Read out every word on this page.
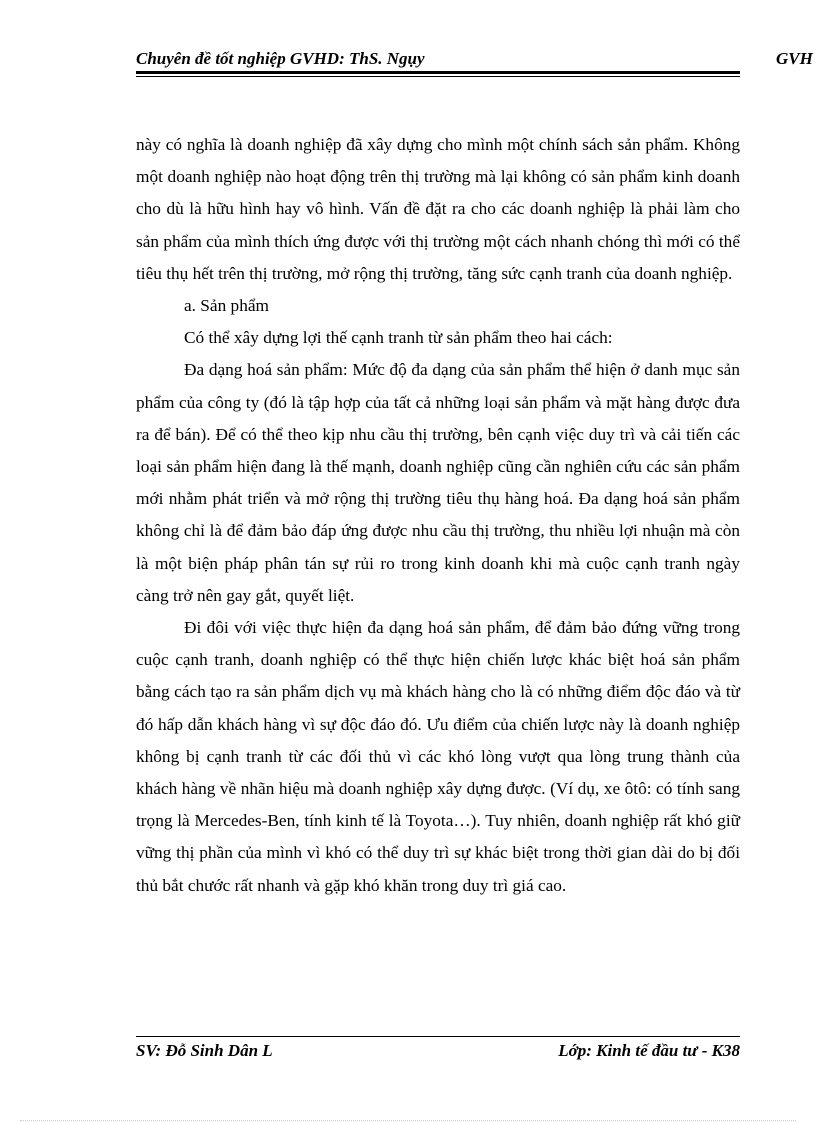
Chuyên đề tốt nghiệp GVHD: ThS. Ngụy	GVH

này có nghĩa là doanh nghiệp đã xây dựng cho mình một chính sách sản phẩm. Không một doanh nghiệp nào hoạt động trên thị trường mà lại không có sản phẩm kinh doanh cho dù là hữu hình hay vô hình. Vấn đề đặt ra cho các doanh nghiệp là phải làm cho sản phẩm của mình thích ứng được với thị trường một cách nhanh chóng thì mới có thể tiêu thụ hết trên thị trường, mở rộng thị trường, tăng sức cạnh tranh của doanh nghiệp.

a. Sản phẩm

Có thể xây dựng lợi thế cạnh tranh từ sản phẩm theo hai cách:

Đa dạng hoá sản phẩm: Mức độ đa dạng của sản phẩm thể hiện ở danh mục sản phẩm của công ty (đó là tập hợp của tất cả những loại sản phẩm và mặt hàng được đưa ra để bán). Để có thể theo kịp nhu cầu thị trường, bên cạnh việc duy trì và cải tiến các loại sản phẩm hiện đang là thế mạnh, doanh nghiệp cũng cần nghiên cứu các sản phẩm mới nhằm phát triển và mở rộng thị trường tiêu thụ hàng hoá. Đa dạng hoá sản phẩm không chỉ là để đảm bảo đáp ứng được nhu cầu thị trường, thu nhiều lợi nhuận mà còn là một biện pháp phân tán sự rủi ro trong kinh doanh khi mà cuộc cạnh tranh ngày càng trở nên gay gắt, quyết liệt.

Đi đôi với việc thực hiện đa dạng hoá sản phẩm, để đảm bảo đứng vững trong cuộc cạnh tranh, doanh nghiệp có thể thực hiện chiến lược khác biệt hoá sản phẩm bằng cách tạo ra sản phẩm dịch vụ mà khách hàng cho là có những điểm độc đáo và từ đó hấp dẫn khách hàng vì sự độc đáo đó. Ưu điểm của chiến lược này là doanh nghiệp không bị cạnh tranh từ các đối thủ vì các khó lòng vượt qua lòng trung thành của khách hàng về nhãn hiệu mà doanh nghiệp xây dựng được. (Ví dụ, xe ôtô: có tính sang trọng là Mercedes-Ben, tính kinh tế là Toyota…). Tuy nhiên, doanh nghiệp rất khó giữ vững thị phần của mình vì khó có thể duy trì sự khác biệt trong thời gian dài do bị đối thủ bắt chước rất nhanh và gặp khó khăn trong duy trì giá cao.

SV: Đỗ Sinh Dân L	Lớp: Kinh tế đầu tư - K38
